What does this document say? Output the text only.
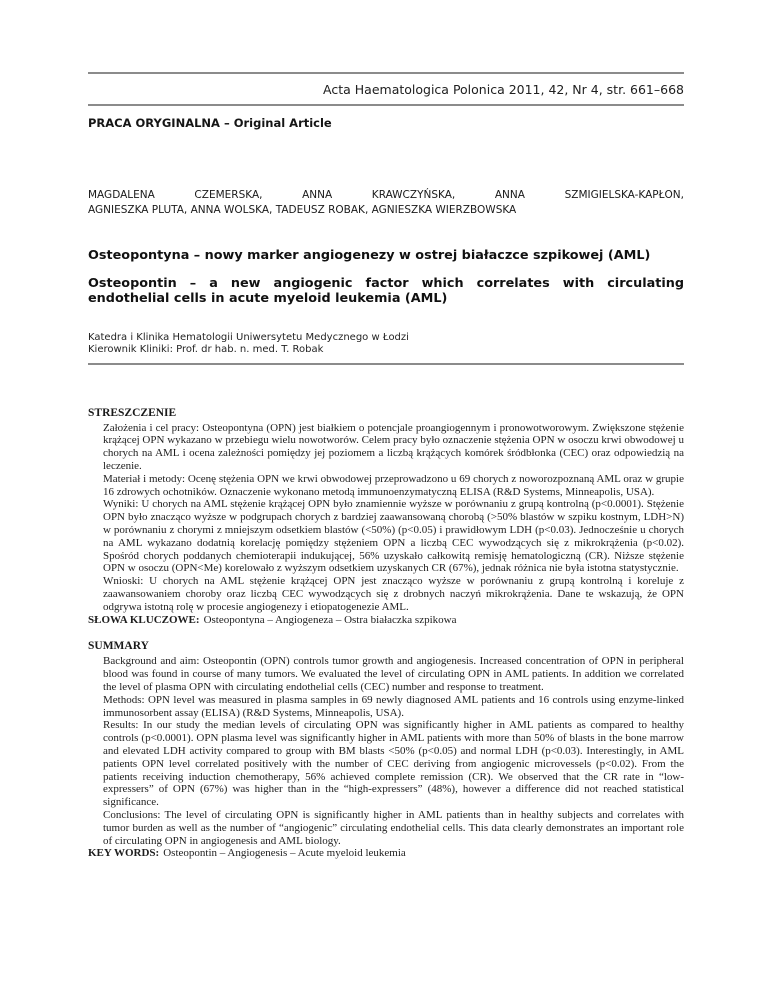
Acta Haematologica Polonica 2011, 42, Nr 4, str. 661–668
PRACA ORYGINALNA – Original Article
MAGDALENA CZEMERSKA, ANNA KRAWCZYŃSKA, ANNA SZMIGIELSKA-KAPŁON,
AGNIESZKA PLUTA, ANNA WOLSKA, TADEUSZ ROBAK, AGNIESZKA WIERZBOWSKA
Osteopontyna – nowy marker angiogenezy w ostrej białaczce szpikowej (AML)
Osteopontin – a new angiogenic factor which correlates with circulating endothelial cells in acute myeloid leukemia (AML)
Katedra i Klinika Hematologii Uniwersytetu Medycznego w Łodzi
Kierownik Kliniki: Prof. dr hab. n. med. T. Robak
STRESZCZENIE

Założenia i cel pracy: Osteopontyna (OPN) jest białkiem o potencjale proangiogennym i pronowotworowym. Zwiększone stężenie krążącej OPN wykazano w przebiegu wielu nowotworów. Celem pracy było oznaczenie stężenia OPN w osoczu krwi obwodowej u chorych na AML i ocena zależności pomiędzy jej poziomem a liczbą krążących komórek śródbłonka (CEC) oraz odpowiedzią na leczenie.

Materiał i metody: Ocenę stężenia OPN we krwi obwodowej przeprowadzono u 69 chorych z noworozpoznaną AML oraz w grupie 16 zdrowych ochotników. Oznaczenie wykonano metodą immunoenzymatyczną ELISA (R&D Systems, Minneapolis, USA).

Wyniki: U chorych na AML stężenie krążącej OPN było znamiennie wyższe w porównaniu z grupą kontrolną (p<0.0001). Stężenie OPN było znacząco wyższe w podgrupach chorych z bardziej zaawansowaną chorobą (>50% blastów w szpiku kostnym, LDH>N) w porównaniu z chorymi z mniejszym odsetkiem blastów (<50%) (p<0.05) i prawidłowym LDH (p<0.03). Jednocześnie u chorych na AML wykazano dodatnią korelację pomiędzy stężeniem OPN a liczbą CEC wywodzących się z mikrokrążenia (p<0.02). Spośród chorych poddanych chemioterapii indukującej, 56% uzyskało całkowitą remisję hematologiczną (CR). Niższe stężenie OPN w osoczu (OPN<Me) korelowało z wyższym odsetkiem uzyskanych CR (67%), jednak różnica nie była istotna statystycznie.

Wnioski: U chorych na AML stężenie krążącej OPN jest znacząco wyższe w porównaniu z grupą kontrolną i koreluje z zaawansowaniem choroby oraz liczbą CEC wywodzących się z drobnych naczyń mikrokrążenia. Dane te wskazują, że OPN odgrywa istotną rolę w procesie angiogenezy i etiopatogenezie AML.

SŁOWA KLUCZOWE: Osteopontyna – Angiogeneza – Ostra białaczka szpikowa
SUMMARY

Background and aim: Osteopontin (OPN) controls tumor growth and angiogenesis. Increased concentration of OPN in peripheral blood was found in course of many tumors. We evaluated the level of circulating OPN in AML patients. In addition we correlated the level of plasma OPN with circulating endothelial cells (CEC) number and response to treatment.

Methods: OPN level was measured in plasma samples in 69 newly diagnosed AML patients and 16 controls using enzyme-linked immunosorbent assay (ELISA) (R&D Systems, Minneapolis, USA).

Results: In our study the median levels of circulating OPN was significantly higher in AML patients as compared to healthy controls (p<0.0001). OPN plasma level was significantly higher in AML patients with more than 50% of blasts in the bone marrow and elevated LDH activity compared to group with BM blasts <50% (p<0.05) and normal LDH (p<0.03). Interestingly, in AML patients OPN level correlated positively with the number of CEC deriving from angiogenic microvessels (p<0.02). From the patients receiving induction chemotherapy, 56% achieved complete remission (CR). We observed that the CR rate in “low-expressers” of OPN (67%) was higher than in the “high-expressers” (48%), however a difference did not reached statistical significance.

Conclusions: The level of circulating OPN is significantly higher in AML patients than in healthy subjects and correlates with tumor burden as well as the number of “angiogenic” circulating endothelial cells. This data clearly demonstrates an important role of circulating OPN in angiogenesis and AML biology.

KEY WORDS: Osteopontin – Angiogenesis – Acute myeloid leukemia
